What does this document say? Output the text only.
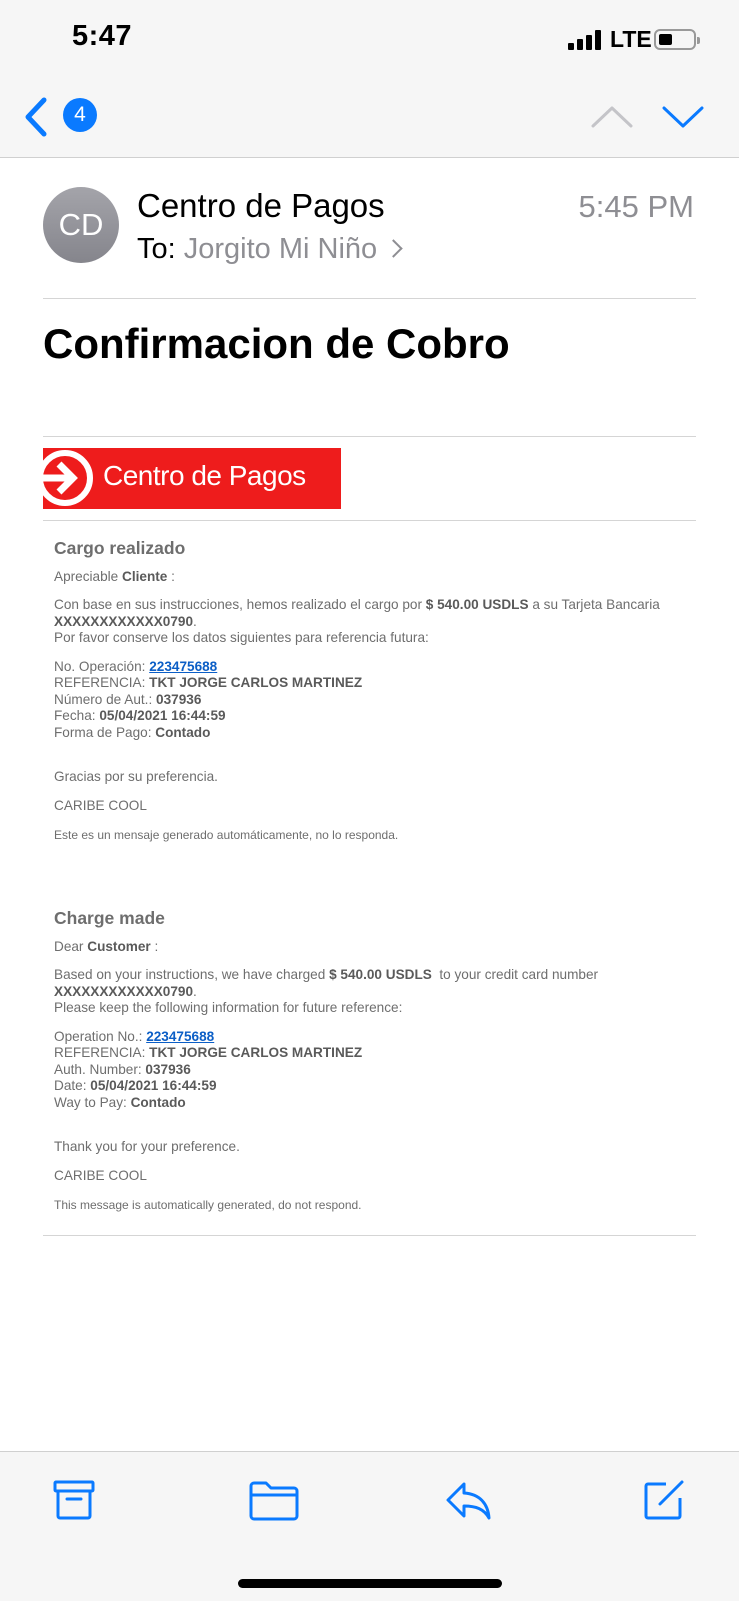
5:47	LTE
4
CD
Centro de Pagos
To: Jorgito Mi Niño
5:45 PM
Confirmacion de Cobro
Centro de Pagos
Cargo realizado
Apreciable Cliente :
Con base en sus instrucciones, hemos realizado el cargo por $ 540.00 USDLS a su Tarjeta Bancaria
XXXXXXXXXXXX0790.
Por favor conserve los datos siguientes para referencia futura:
No. Operación: 223475688
REFERENCIA: TKT JORGE CARLOS MARTINEZ
Número de Aut.: 037936
Fecha: 05/04/2021 16:44:59
Forma de Pago: Contado
Gracias por su preferencia.
CARIBE COOL
Este es un mensaje generado automáticamente, no lo responda.
Charge made
Dear Customer :
Based on your instructions, we have charged $ 540.00 USDLS  to your credit card number
XXXXXXXXXXXX0790.
Please keep the following information for future reference:
Operation No.: 223475688
REFERENCIA: TKT JORGE CARLOS MARTINEZ
Auth. Number: 037936
Date: 05/04/2021 16:44:59
Way to Pay: Contado
Thank you for your preference.
CARIBE COOL
This message is automatically generated, do not respond.
